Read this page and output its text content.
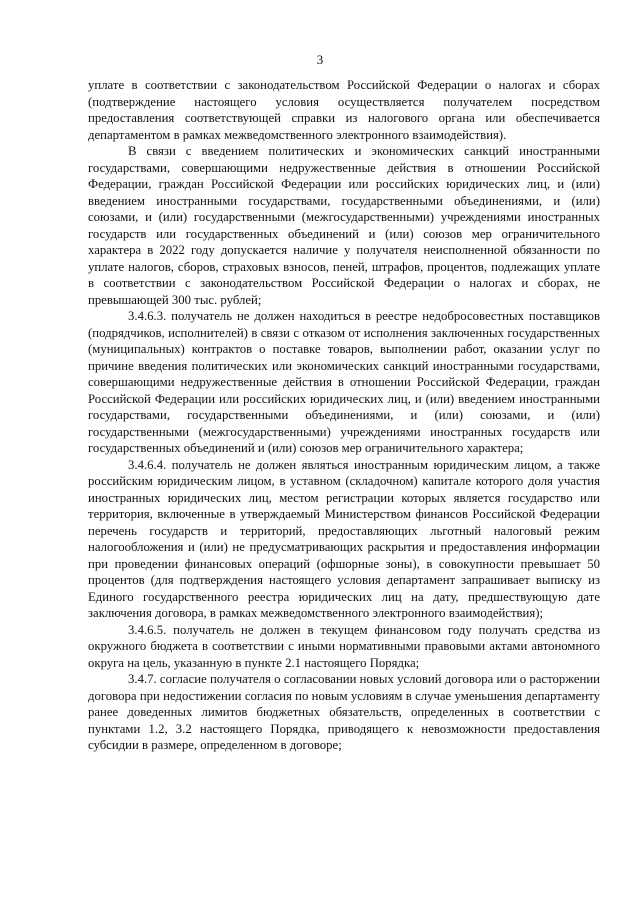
3

уплате в соответствии с законодательством Российской Федерации о налогах и сборах (подтверждение настоящего условия осуществляется получателем посредством предоставления соответствующей справки из налогового органа или обеспечивается департаментом в рамках межведомственного электронного взаимодействия).

В связи с введением политических и экономических санкций иностранными государствами, совершающими недружественные действия в отношении Российской Федерации, граждан Российской Федерации или российских юридических лиц, и (или) введением иностранными государствами, государственными объединениями, и (или) союзами, и (или) государственными (межгосударственными) учреждениями иностранных государств или государственных объединений и (или) союзов мер ограничительного характера в 2022 году допускается наличие у получателя неисполненной обязанности по уплате налогов, сборов, страховых взносов, пеней, штрафов, процентов, подлежащих уплате в соответствии с законодательством Российской Федерации о налогах и сборах, не превышающей 300 тыс. рублей;

3.4.6.3. получатель не должен находиться в реестре недобросовестных поставщиков (подрядчиков, исполнителей) в связи с отказом от исполнения заключенных государственных (муниципальных) контрактов о поставке товаров, выполнении работ, оказании услуг по причине введения политических или экономических санкций иностранными государствами, совершающими недружественные действия в отношении Российской Федерации, граждан Российской Федерации или российских юридических лиц, и (или) введением иностранными государствами, государственными объединениями, и (или) союзами, и (или) государственными (межгосударственными) учреждениями иностранных государств или государственных объединений и (или) союзов мер ограничительного характера;

3.4.6.4. получатель не должен являться иностранным юридическим лицом, а также российским юридическим лицом, в уставном (складочном) капитале которого доля участия иностранных юридических лиц, местом регистрации которых является государство или территория, включенные в утверждаемый Министерством финансов Российской Федерации перечень государств и территорий, предоставляющих льготный налоговый режим налогообложения и (или) не предусматривающих раскрытия и предоставления информации при проведении финансовых операций (офшорные зоны), в совокупности превышает 50 процентов (для подтверждения настоящего условия департамент запрашивает выписку из Единого государственного реестра юридических лиц на дату, предшествующую дате заключения договора, в рамках межведомственного электронного взаимодействия);

3.4.6.5. получатель не должен в текущем финансовом году получать средства из окружного бюджета в соответствии с иными нормативными правовыми актами автономного округа на цель, указанную в пункте 2.1 настоящего Порядка;

3.4.7. согласие получателя о согласовании новых условий договора или о расторжении договора при недостижении согласия по новым условиям в случае уменьшения департаменту ранее доведенных лимитов бюджетных обязательств, определенных в соответствии с пунктами 1.2, 3.2 настоящего Порядка, приводящего к невозможности предоставления субсидии в размере, определенном в договоре;
